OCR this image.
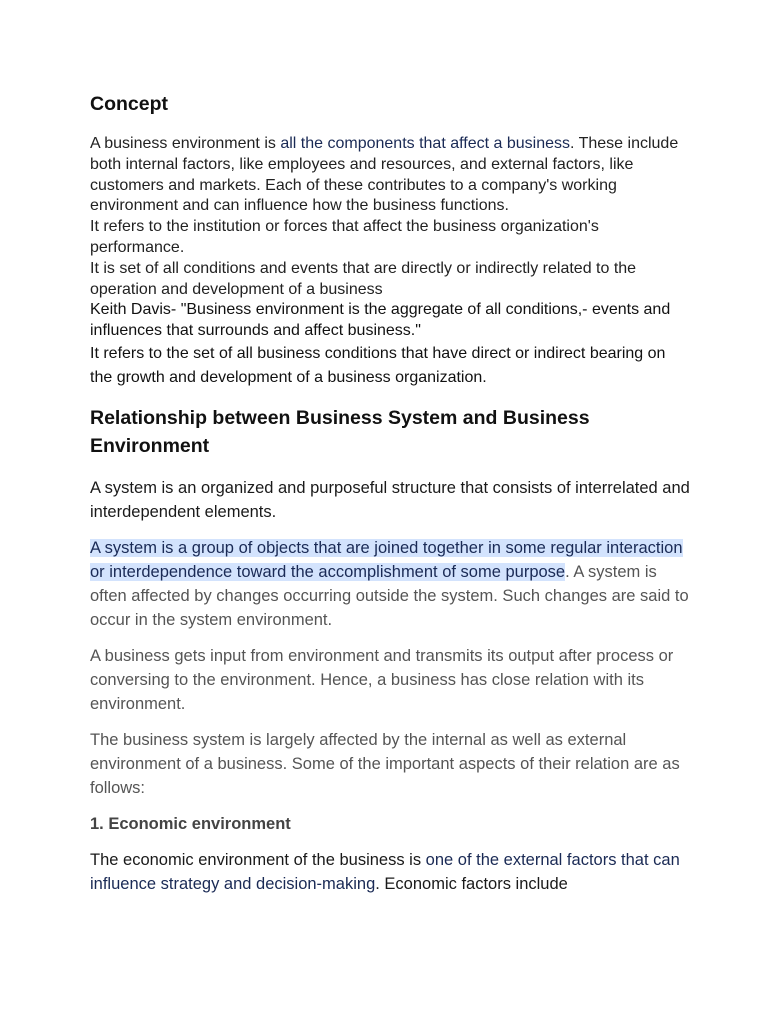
Concept
A business environment is all the components that affect a business. These include both internal factors, like employees and resources, and external factors, like customers and markets. Each of these contributes to a company's working environment and can influence how the business functions.
It refers to the institution or forces that affect the business organization's performance.
It is set of all conditions and events that are directly or indirectly related to the operation and development of a business
Keith Davis- "Business environment is the aggregate of all conditions,- events and influences that surrounds and affect business."
It refers to the set of all business conditions that have direct or indirect bearing on the growth and development of a business organization.
Relationship between Business System and Business Environment

A system is an organized and purposeful structure that consists of interrelated and interdependent elements.

A system is a group of objects that are joined together in some regular interaction or interdependence toward the accomplishment of some purpose. A system is often affected by changes occurring outside the system. Such changes are said to occur in the system environment.

A business gets input from environment and transmits its output after process or conversing to the environment. Hence, a business has close relation with its environment.

The business system is largely affected by the internal as well as external environment of a business. Some of the important aspects of their relation are as follows:

1. Economic environment

The economic environment of the business is one of the external factors that can influence strategy and decision-making. Economic factors include
